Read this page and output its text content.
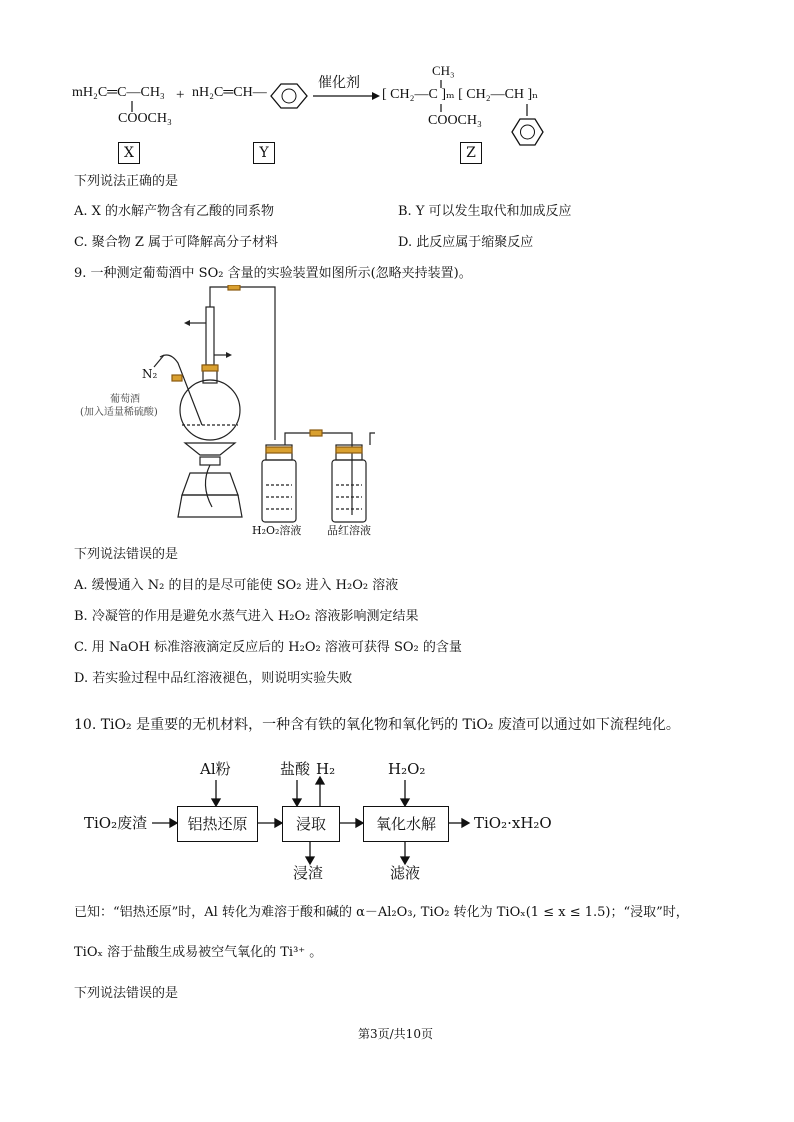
mH₂C═C—CH₃
COOCH₃
+ nH₂C═CH—
催化剂
CH₃
[ CH₂—C ]ₘ [ CH₂—CH ]ₙ
COOCH₃
X	Y	Z
下列说法正确的是
A. X 的水解产物含有乙酸的同系物	B. Y 可以发生取代和加成反应
C. 聚合物 Z 属于可降解高分子材料	D. 此反应属于缩聚反应
9. 一种测定葡萄酒中 SO₂ 含量的实验装置如图所示(忽略夹持装置)。
N₂
葡萄酒
(加入适量稀硫酸)
H₂O₂溶液 品红溶液
下列说法错误的是
A. 缓慢通入 N₂ 的目的是尽可能使 SO₂ 进入 H₂O₂ 溶液
B. 冷凝管的作用是避免水蒸气进入 H₂O₂ 溶液影响测定结果
C. 用 NaOH 标准溶液滴定反应后的 H₂O₂ 溶液可获得 SO₂ 的含量
D. 若实验过程中品红溶液褪色，则说明实验失败
10. TiO₂ 是重要的无机材料，一种含有铁的氧化物和氧化钙的 TiO₂ 废渣可以通过如下流程纯化。
TiO₂废渣
Al粉
铝热还原
盐酸 H₂
浸取
浸渣
H₂O₂
氧化水解
滤液
TiO₂·xH₂O
已知：“铝热还原”时，Al 转化为难溶于酸和碱的 α－Al₂O₃, TiO₂ 转化为 TiOₓ(1 ≤ x ≤ 1.5)；“浸取”时，
TiOₓ 溶于盐酸生成易被空气氧化的 Ti³⁺ 。
下列说法错误的是
第3页/共10页
